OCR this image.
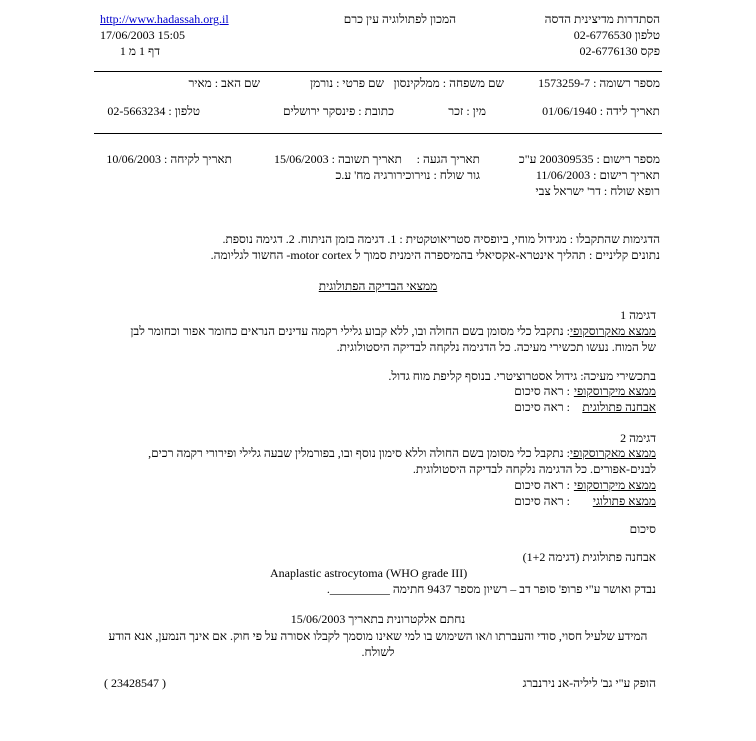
הסתדרות מדיצינית הדסה
המכון לפתולוגיה עין כרם
http://www.hadassah.org.il
טלפון 02-6776530
17/06/2003 15:05
פקס 02-6776130
דף 1 מ 1
מספר רשומה : 1573259-7
שם משפחה : ממלקינסון
שם פרטי : נורמן
שם האב : מאיר
תאריך לידה : 01/06/1940
מין : זכר
כתובת : פינסקר ירושלים
טלפון : 02-5663234
מספר רישום : 200309535 ע"כ
תאריך הגעה :
תאריך תשובה : 15/06/2003
תאריך לקיחה : 10/06/2003
תאריך רישום : 11/06/2003
גור שולח : נוירוכירורגיה מח' ע.כ
רופא שולח : דר' ישראל צבי
הדגימות שהתקבלו : מגידול מוחי, ביופסיה סטריאוטקטית : 1. דגימה בזמן הניתוח. 2. דגימה נוספת.
נתונים קליניים : תהליך אינטרא-אקסיאלי בהמיספרה הימנית סמוך ל motor cortex- החשוד לגליומה.
ממצאי הבדיקה הפתולוגית
דגימה 1
ממצא מאקרוסקופי
: נתקבל כלי מסומן בשם החולה ובו, ללא קבוע גלילי רקמה עדינים הנראים כחומר אפור וכחומר לבן
של המוח. נעשו תכשירי מעיכה. כל הדגימה נלקחה לבדיקה היסטולוגית.
בתכשירי מעיכה: גידול אסטרוציטרי. בנוסף קליפת מוח גדול.
ממצא מיקרוסקופי
: ראה סיכום
אבחנה פתולוגית
: ראה סיכום
דגימה 2
ממצא מאקרוסקופי
: נתקבל כלי מסומן בשם החולה וללא סימון נוסף ובו, בפורמלין שבעה גלילי ופירורי רקמה רכים,
לבנים-אפורים. כל הדגימה נלקחה לבדיקה היסטולוגית.
ממצא מיקרוסקופי
: ראה סיכום
ממצא פתולוגי
: ראה סיכום
סיכום
אבחנה פתולוגית (דגימה 1+2)
Anaplastic astrocytoma (WHO grade III)
נבדק ואושר ע"י פרופ' סופר דב – רשיון מספר 9437 חתימה __________.
נחתם אלקטרונית בתאריך 15/06/2003
המידע שלעיל חסוי, סודי והעברתו ו/או השימוש בו למי שאינו מוסמך לקבלו אסורה על פי חוק. אם אינך הנמען, אנא הודע לשולח.
הופק ע"י גב' ליליה-אנ נירנברג
( 23428547 )
